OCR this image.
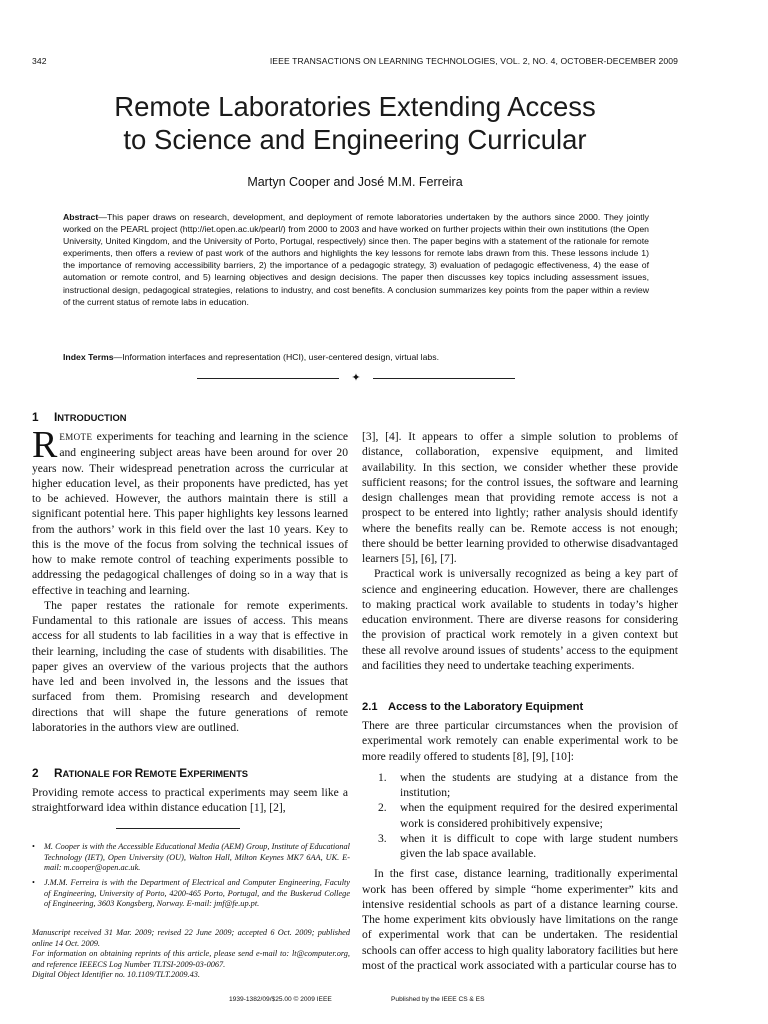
342	IEEE TRANSACTIONS ON LEARNING TECHNOLOGIES, VOL. 2, NO. 4, OCTOBER-DECEMBER 2009
Remote Laboratories Extending Access
to Science and Engineering Curricular
Martyn Cooper and José M.M. Ferreira
Abstract—This paper draws on research, development, and deployment of remote laboratories undertaken by the authors since 2000. They jointly worked on the PEARL project (http://iet.open.ac.uk/pearl/) from 2000 to 2003 and have worked on further projects within their own institutions (the Open University, United Kingdom, and the University of Porto, Portugal, respectively) since then. The paper begins with a statement of the rationale for remote experiments, then offers a review of past work of the authors and highlights the key lessons for remote labs drawn from this. These lessons include 1) the importance of removing accessibility barriers, 2) the importance of a pedagogic strategy, 3) evaluation of pedagogic effectiveness, 4) the ease of automation or remote control, and 5) learning objectives and design decisions. The paper then discusses key topics including assessment issues, instructional design, pedagogical strategies, relations to industry, and cost benefits. A conclusion summarizes key points from the paper within a review of the current status of remote labs in education.
Index Terms—Information interfaces and representation (HCI), user-centered design, virtual labs.
✦
1 INTRODUCTION

REMOTE experiments for teaching and learning in the science and engineering subject areas have been around for over 20 years now. Their widespread penetration across the curricular at higher education level, as their proponents have predicted, has yet to be achieved. However, the authors maintain there is still a significant potential here. This paper highlights key lessons learned from the authors’ work in this field over the last 10 years. Key to this is the move of the focus from solving the technical issues of how to make remote control of teaching experiments possible to addressing the pedagogical challenges of doing so in a way that is effective in teaching and learning.

The paper restates the rationale for remote experiments. Fundamental to this rationale are issues of access. This means access for all students to lab facilities in a way that is effective in their learning, including the case of students with disabilities. The paper gives an overview of the various projects that the authors have led and been involved in, the lessons and the issues that surfaced from them. Promising research and development directions that will shape the future generations of remote laboratories in the authors view are outlined.

2 RATIONALE FOR REMOTE EXPERIMENTS

Providing remote access to practical experiments may seem like a straightforward idea within distance education [1], [2],

• M. Cooper is with the Accessible Educational Media (AEM) Group, Institute of Educational Technology (IET), Open University (OU), Walton Hall, Milton Keynes MK7 6AA, UK. E-mail: m.cooper@open.ac.uk.
• J.M.M. Ferreira is with the Department of Electrical and Computer Engineering, Faculty of Engineering, University of Porto, 4200-465 Porto, Portugal, and the Buskerud College of Engineering, 3603 Kongsberg, Norway. E-mail: jmf@fe.up.pt.
Manuscript received 31 Mar. 2009; revised 22 June 2009; accepted 6 Oct. 2009; published online 14 Oct. 2009.
For information on obtaining reprints of this article, please send e-mail to: lt@computer.org, and reference IEEECS Log Number TLTSI-2009-03-0067.
Digital Object Identifier no. 10.1109/TLT.2009.43.

[3], [4]. It appears to offer a simple solution to problems of distance, collaboration, expensive equipment, and limited availability. In this section, we consider whether these provide sufficient reasons; for the control issues, the software and learning design challenges mean that providing remote access is not a prospect to be entered into lightly; rather analysis should identify where the benefits really can be. Remote access is not enough; there should be better learning provided to otherwise disadvantaged learners [5], [6], [7].

Practical work is universally recognized as being a key part of science and engineering education. However, there are challenges to making practical work available to students in today’s higher education environment. There are diverse reasons for considering the provision of practical work remotely in a given context but these all revolve around issues of students’ access to the equipment and facilities they need to undertake teaching experiments.

2.1 Access to the Laboratory Equipment

There are three particular circumstances when the provision of experimental work remotely can enable experimental work to be more readily offered to students [8], [9], [10]:

1. when the students are studying at a distance from the institution;
2. when the equipment required for the desired experimental work is considered prohibitively expensive;
3. when it is difficult to cope with large student numbers given the lab space available.

In the first case, distance learning, traditionally experimental work has been offered by simple “home experimenter” kits and intensive residential schools as part of a distance learning course. The home experiment kits obviously have limitations on the range of experimental work that can be undertaken. The residential schools can offer access to high quality laboratory facilities but here most of the practical work associated with a particular course has to

1939-1382/09/$25.00 © 2009 IEEE	Published by the IEEE CS & ES
